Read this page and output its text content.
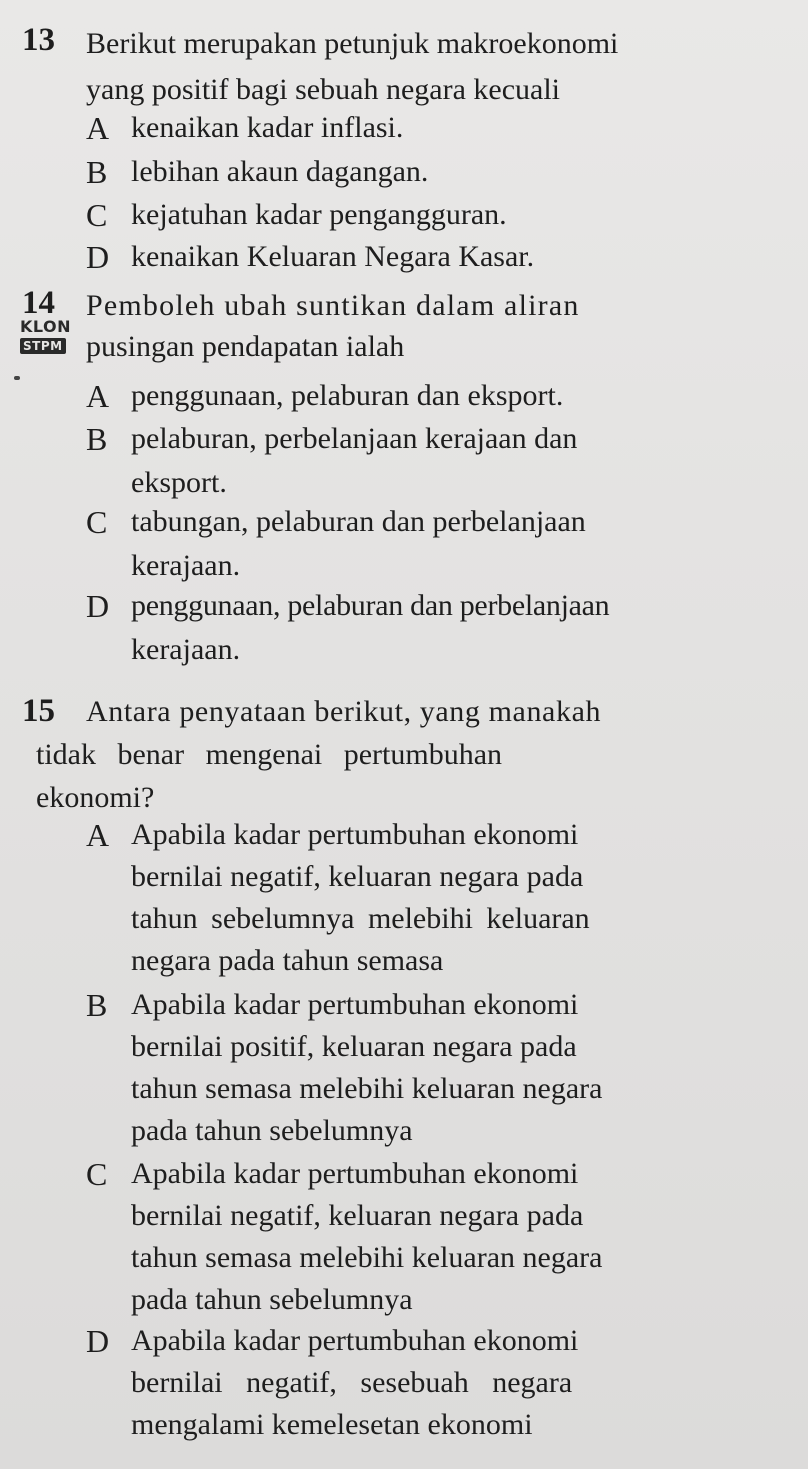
13 Berikut merupakan petunjuk makroekonomi
yang positif bagi sebuah negara kecuali
A kenaikan kadar inflasi.
B lebihan akaun dagangan.
C kejatuhan kadar pengangguran.
D kenaikan Keluaran Negara Kasar.
14
KLON
STPM
Pemboleh ubah suntikan dalam aliran
pusingan pendapatan ialah
A penggunaan, pelaburan dan eksport.
B pelaburan, perbelanjaan kerajaan dan
eksport.
C tabungan, pelaburan dan perbelanjaan
kerajaan.
D penggunaan, pelaburan dan perbelanjaan
kerajaan.
15 Antara penyataan berikut, yang manakah
tidak benar mengenai pertumbuhan
ekonomi?
A Apabila kadar pertumbuhan ekonomi
bernilai negatif, keluaran negara pada
tahun sebelumnya melebihi keluaran
negara pada tahun semasa
B Apabila kadar pertumbuhan ekonomi
bernilai positif, keluaran negara pada
tahun semasa melebihi keluaran negara
pada tahun sebelumnya
C Apabila kadar pertumbuhan ekonomi
bernilai negatif, keluaran negara pada
tahun semasa melebihi keluaran negara
pada tahun sebelumnya
D Apabila kadar pertumbuhan ekonomi
bernilai negatif, sesebuah negara
mengalami kemelesetan ekonomi
